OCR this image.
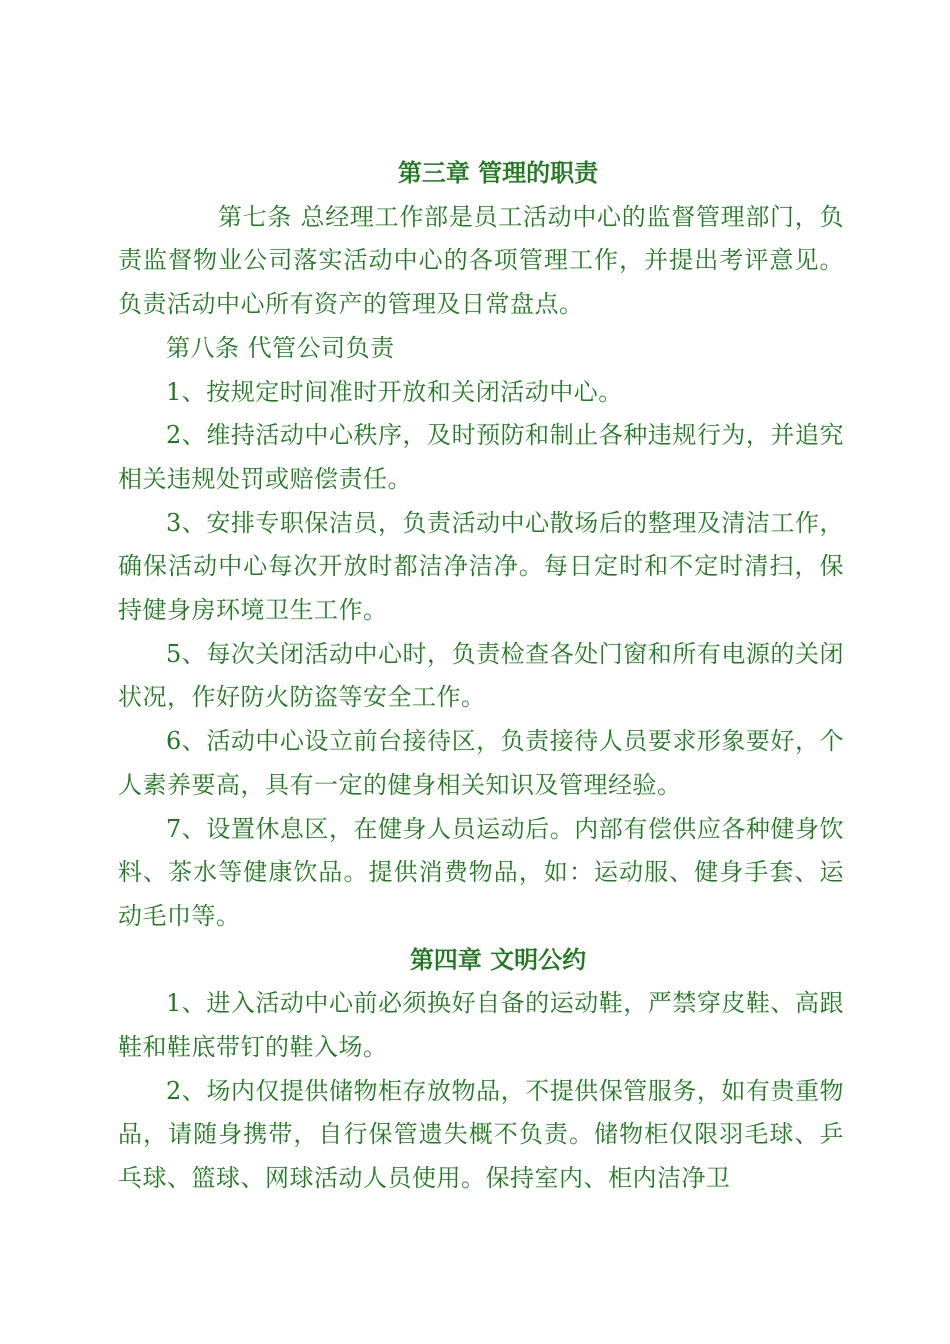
第三章 管理的职责

第七条 总经理工作部是员工活动中心的监督管理部门，负责监督物业公司落实活动中心的各项管理工作，并提出考评意见。负责活动中心所有资产的管理及日常盘点。

第八条 代管公司负责

1、按规定时间准时开放和关闭活动中心。

2、维持活动中心秩序，及时预防和制止各种违规行为，并追究相关违规处罚或赔偿责任。

3、安排专职保洁员，负责活动中心散场后的整理及清洁工作，确保活动中心每次开放时都洁净洁净。每日定时和不定时清扫，保持健身房环境卫生工作。

5、每次关闭活动中心时，负责检查各处门窗和所有电源的关闭状况，作好防火防盗等安全工作。

6、活动中心设立前台接待区，负责接待人员要求形象要好，个人素养要高，具有一定的健身相关知识及管理经验。

7、设置休息区，在健身人员运动后。内部有偿供应各种健身饮料、茶水等健康饮品。提供消费物品，如：运动服、健身手套、运动毛巾等。

第四章 文明公约

1、进入活动中心前必须换好自备的运动鞋，严禁穿皮鞋、高跟鞋和鞋底带钉的鞋入场。

2、场内仅提供储物柜存放物品，不提供保管服务，如有贵重物品，请随身携带，自行保管遗失概不负责。储物柜仅限羽毛球、乒乓球、篮球、网球活动人员使用。保持室内、柜内洁净卫
